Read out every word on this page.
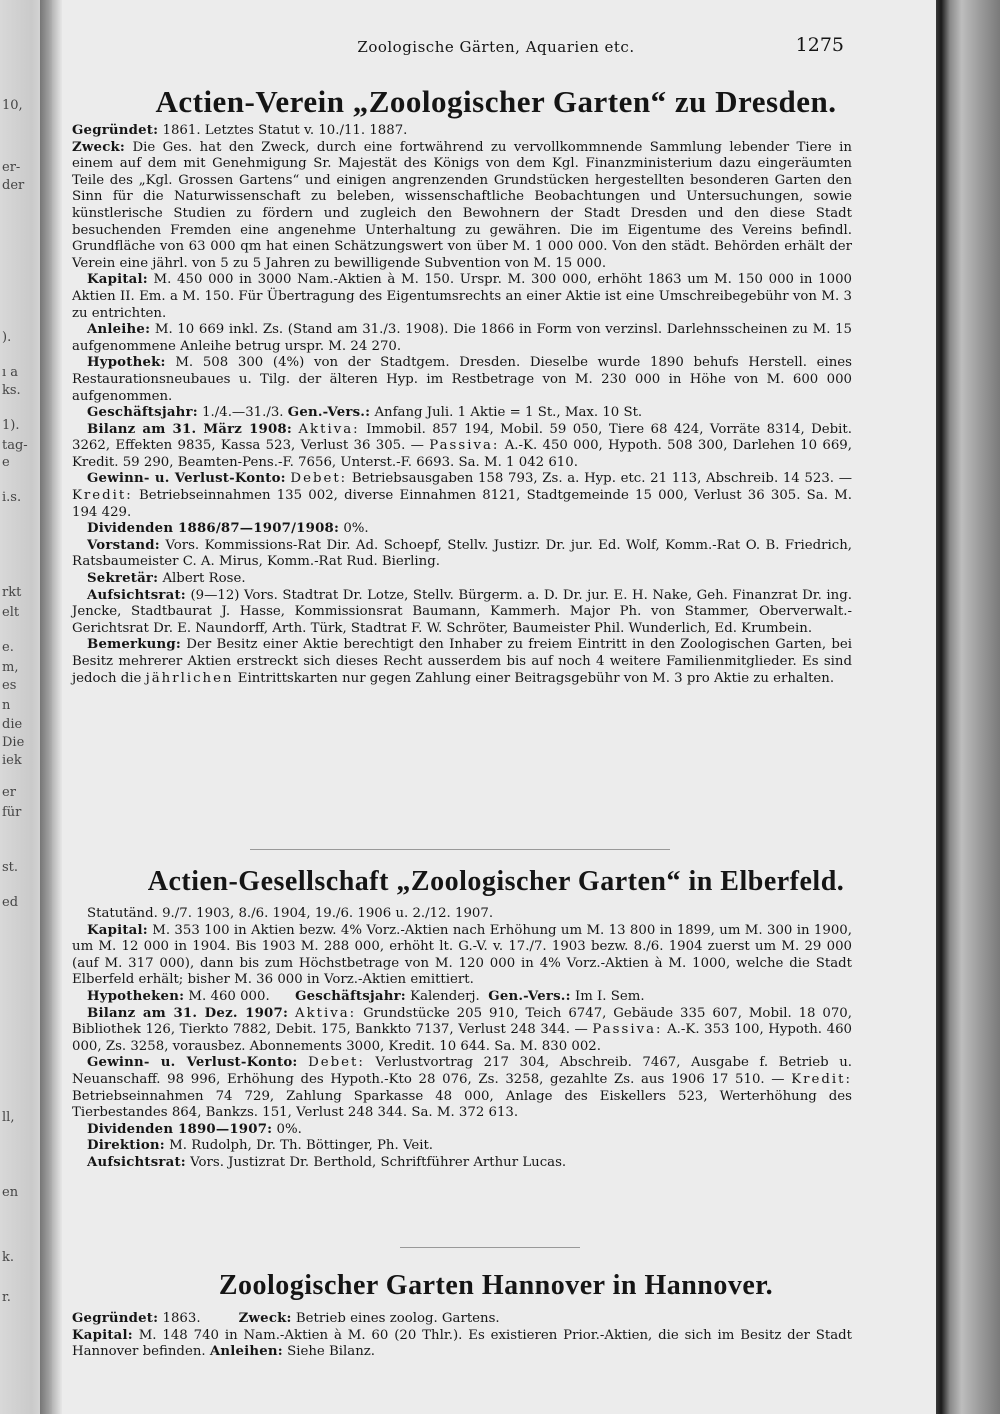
10,
er-
der
).
ı a
ks.
1).
tag-
e
i.s.
rkt
elt
e.
m,
es
n
die
Die
iek
er
für
st.
ed
ll,
en
k.
r.
Zoologische Gärten, Aquarien etc.	1275
Actien-Verein „Zoologischer Garten“ zu Dresden.

Gegründet: 1861. Letztes Statut v. 10./11. 1887.

Zweck: Die Ges. hat den Zweck, durch eine fortwährend zu vervollkommnende Sammlung lebender Tiere in einem auf dem mit Genehmigung Sr. Majestät des Königs von dem Kgl. Finanzministerium dazu eingeräumten Teile des „Kgl. Grossen Gartens“ und einigen angrenzenden Grundstücken hergestellten besonderen Garten den Sinn für die Naturwissenschaft zu beleben, wissenschaftliche Beobachtungen und Untersuchungen, sowie künstlerische Studien zu fördern und zugleich den Bewohnern der Stadt Dresden und den diese Stadt besuchenden Fremden eine angenehme Unterhaltung zu gewähren. Die im Eigentume des Vereins befindl. Grundfläche von 63 000 qm hat einen Schätzungswert von über M. 1 000 000. Von den städt. Behörden erhält der Verein eine jährl. von 5 zu 5 Jahren zu bewilligende Subvention von M. 15 000.

Kapital: M. 450 000 in 3000 Nam.-Aktien à M. 150. Urspr. M. 300 000, erhöht 1863 um M. 150 000 in 1000 Aktien II. Em. a M. 150. Für Übertragung des Eigentumsrechts an einer Aktie ist eine Umschreibegebühr von M. 3 zu entrichten.

Anleihe: M. 10 669 inkl. Zs. (Stand am 31./3. 1908). Die 1866 in Form von verzinsl. Darlehnsscheinen zu M. 15 aufgenommene Anleihe betrug urspr. M. 24 270.

Hypothek: M. 508 300 (4%) von der Stadtgem. Dresden. Dieselbe wurde 1890 behufs Herstell. eines Restaurationsneubaues u. Tilg. der älteren Hyp. im Restbetrage von M. 230 000 in Höhe von M. 600 000 aufgenommen.

Geschäftsjahr: 1./4.—31./3. Gen.-Vers.: Anfang Juli. 1 Aktie = 1 St., Max. 10 St.

Bilanz am 31. März 1908: Aktiva: Immobil. 857 194, Mobil. 59 050, Tiere 68 424, Vorräte 8314, Debit. 3262, Effekten 9835, Kassa 523, Verlust 36 305. — Passiva: A.-K. 450 000, Hypoth. 508 300, Darlehen 10 669, Kredit. 59 290, Beamten-Pens.-F. 7656, Unterst.-F. 6693. Sa. M. 1 042 610.

Gewinn- u. Verlust-Konto: Debet: Betriebsausgaben 158 793, Zs. a. Hyp. etc. 21 113, Abschreib. 14 523. — Kredit: Betriebseinnahmen 135 002, diverse Einnahmen 8121, Stadtgemeinde 15 000, Verlust 36 305. Sa. M. 194 429.

Dividenden 1886/87—1907/1908: 0%.

Vorstand: Vors. Kommissions-Rat Dir. Ad. Schoepf, Stellv. Justizr. Dr. jur. Ed. Wolf, Komm.-Rat O. B. Friedrich, Ratsbaumeister C. A. Mirus, Komm.-Rat Rud. Bierling.

Sekretär: Albert Rose.

Aufsichtsrat: (9—12) Vors. Stadtrat Dr. Lotze, Stellv. Bürgerm. a. D. Dr. jur. E. H. Nake, Geh. Finanzrat Dr. ing. Jencke, Stadtbaurat J. Hasse, Kommissionsrat Baumann, Kammerh. Major Ph. von Stammer, Oberverwalt.-Gerichtsrat Dr. E. Naundorff, Arth. Türk, Stadtrat F. W. Schröter, Baumeister Phil. Wunderlich, Ed. Krumbein.

Bemerkung: Der Besitz einer Aktie berechtigt den Inhaber zu freiem Eintritt in den Zoologischen Garten, bei Besitz mehrerer Aktien erstreckt sich dieses Recht ausserdem bis auf noch 4 weitere Familienmitglieder. Es sind jedoch die jährlichen Eintrittskarten nur gegen Zahlung einer Beitragsgebühr von M. 3 pro Aktie zu erhalten.

Actien-Gesellschaft „Zoologischer Garten“ in Elberfeld.

Statutänd. 9./7. 1903, 8./6. 1904, 19./6. 1906 u. 2./12. 1907.

Kapital: M. 353 100 in Aktien bezw. 4% Vorz.-Aktien nach Erhöhung um M. 13 800 in 1899, um M. 300 in 1900, um M. 12 000 in 1904. Bis 1903 M. 288 000, erhöht lt. G.-V. v. 17./7. 1903 bezw. 8./6. 1904 zuerst um M. 29 000 (auf M. 317 000), dann bis zum Höchstbetrage von M. 120 000 in 4% Vorz.-Aktien à M. 1000, welche die Stadt Elberfeld erhält; bisher M. 36 000 in Vorz.-Aktien emittiert.

Hypotheken: M. 460 000. Geschäftsjahr: Kalenderj. Gen.-Vers.: Im I. Sem.

Bilanz am 31. Dez. 1907: Aktiva: Grundstücke 205 910, Teich 6747, Gebäude 335 607, Mobil. 18 070, Bibliothek 126, Tierkto 7882, Debit. 175, Bankkto 7137, Verlust 248 344. — Passiva: A.-K. 353 100, Hypoth. 460 000, Zs. 3258, vorausbez. Abonnements 3000, Kredit. 10 644. Sa. M. 830 002.

Gewinn- u. Verlust-Konto: Debet: Verlustvortrag 217 304, Abschreib. 7467, Ausgabe f. Betrieb u. Neuanschaff. 98 996, Erhöhung des Hypoth.-Kto 28 076, Zs. 3258, gezahlte Zs. aus 1906 17 510. — Kredit: Betriebseinnahmen 74 729, Zahlung Sparkasse 48 000, Anlage des Eiskellers 523, Werterhöhung des Tierbestandes 864, Bankzs. 151, Verlust 248 344. Sa. M. 372 613.

Dividenden 1890—1907: 0%.

Direktion: M. Rudolph, Dr. Th. Böttinger, Ph. Veit.

Aufsichtsrat: Vors. Justizrat Dr. Berthold, Schriftführer Arthur Lucas.

Zoologischer Garten Hannover in Hannover.

Gegründet: 1863.	Zweck: Betrieb eines zoolog. Gartens.

Kapital: M. 148 740 in Nam.-Aktien à M. 60 (20 Thlr.). Es existieren Prior.-Aktien, die sich im Besitz der Stadt Hannover befinden. Anleihen: Siehe Bilanz.
